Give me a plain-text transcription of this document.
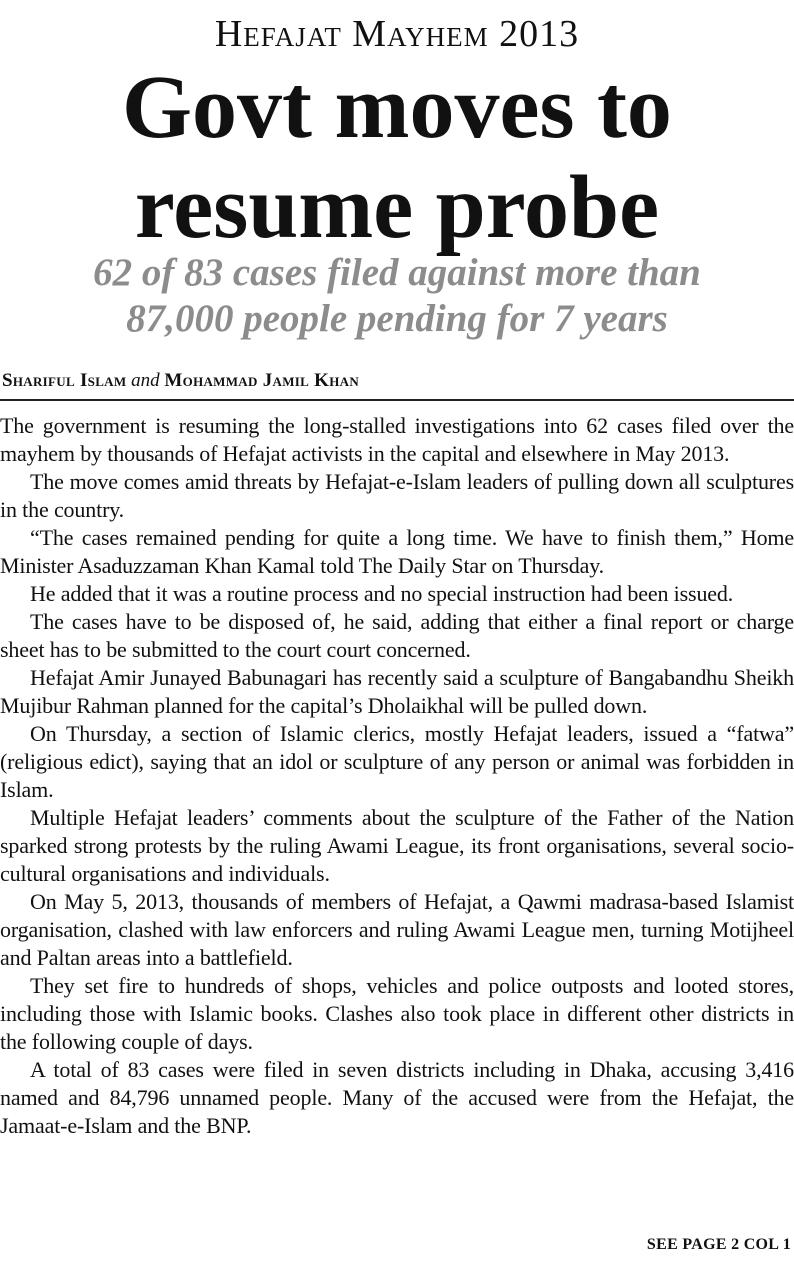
Hefajat Mayhem 2013
Govt moves to
resume probe
62 of 83 cases filed against more than
87,000 people pending for 7 years
Shariful Islam and Mohammad Jamil Khan

The government is resuming the long-stalled investigations into 62 cases filed over the mayhem by thousands of Hefajat activists in the capital and elsewhere in May 2013.

The move comes amid threats by Hefajat-e-Islam leaders of pulling down all sculptures in the country.

“The cases remained pending for quite a long time. We have to finish them,” Home Minister Asaduzzaman Khan Kamal told The Daily Star on Thursday.

He added that it was a routine process and no special instruction had been issued.

The cases have to be disposed of, he said, adding that either a final report or charge sheet has to be submitted to the court court concerned.

Hefajat Amir Junayed Babunagari has recently said a sculpture of Bangabandhu Sheikh Mujibur Rahman planned for the capital’s Dholaikhal will be pulled down.

On Thursday, a section of Islamic clerics, mostly Hefajat leaders, issued a “fatwa” (religious edict), saying that an idol or sculpture of any person or animal was forbidden in Islam.

Multiple Hefajat leaders’ comments about the sculpture of the Father of the Nation sparked strong protests by the ruling Awami League, its front organisations, several socio-cultural organisations and individuals.

On May 5, 2013, thousands of members of Hefajat, a Qawmi madrasa-based Islamist organisation, clashed with law enforcers and ruling Awami League men, turning Motijheel and Paltan areas into a battlefield.

They set fire to hundreds of shops, vehicles and police outposts and looted stores, including those with Islamic books. Clashes also took place in different other districts in the following couple of days.

A total of 83 cases were filed in seven districts including in Dhaka, accusing 3,416 named and 84,796 unnamed people. Many of the accused were from the Hefajat, the Jamaat-e-Islam and the BNP.

SEE PAGE 2 COL 1
